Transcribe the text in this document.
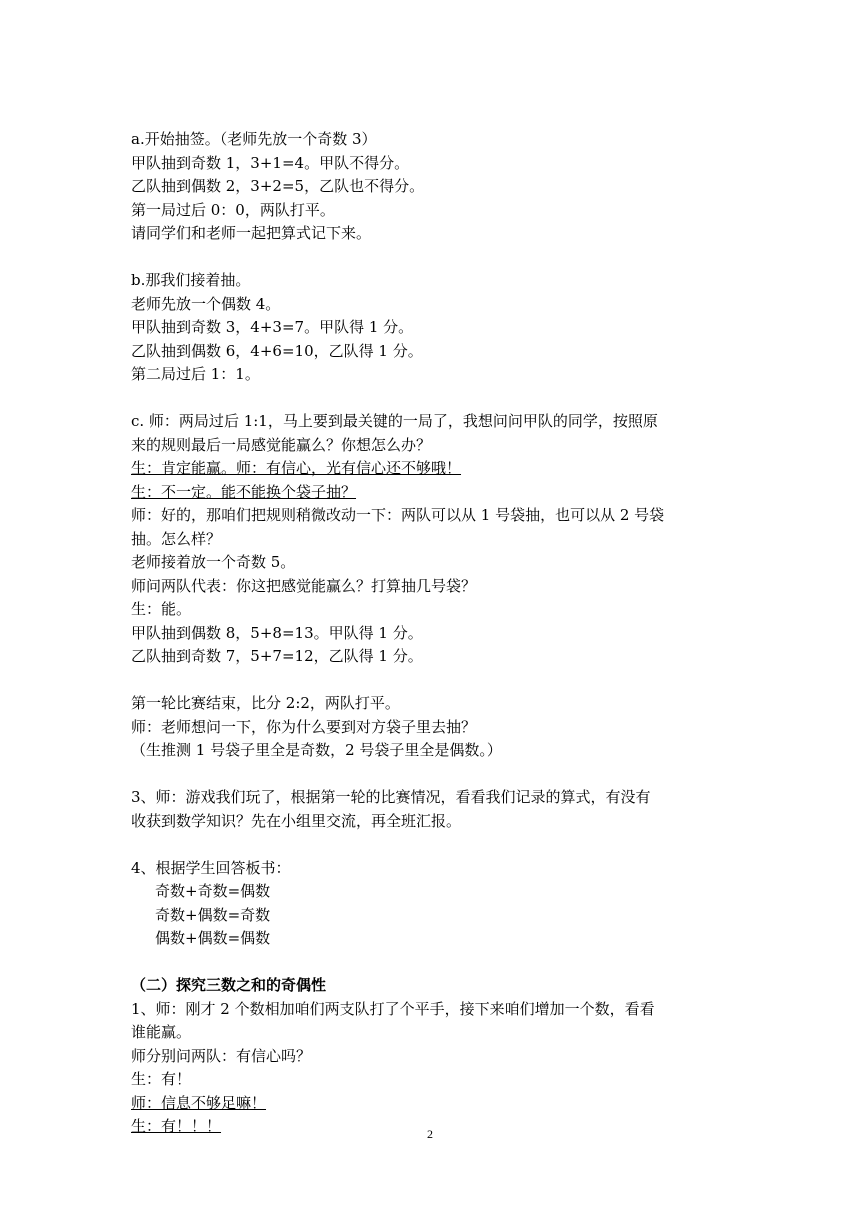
a.开始抽签。（老师先放一个奇数 3）
甲队抽到奇数 1，3+1=4。甲队不得分。
乙队抽到偶数 2，3+2=5，乙队也不得分。
第一局过后 0：0，两队打平。
请同学们和老师一起把算式记下来。
b.那我们接着抽。
老师先放一个偶数 4。
甲队抽到奇数 3，4+3=7。甲队得 1 分。
乙队抽到偶数 6，4+6=10，乙队得 1 分。
第二局过后 1：1。
c. 师：两局过后 1:1，马上要到最关键的一局了，我想问问甲队的同学，按照原
来的规则最后一局感觉能赢么？你想怎么办？
生：肯定能赢。师：有信心，光有信心还不够哦！
生：不一定。能不能换个袋子抽？
师：好的，那咱们把规则稍微改动一下：两队可以从 1 号袋抽，也可以从 2 号袋
抽。怎么样？
老师接着放一个奇数 5。
师问两队代表：你这把感觉能赢么？打算抽几号袋？
生：能。
甲队抽到偶数 8，5+8=13。甲队得 1 分。
乙队抽到奇数 7，5+7=12，乙队得 1 分。
第一轮比赛结束，比分 2:2，两队打平。
师：老师想问一下，你为什么要到对方袋子里去抽？
（生推测 1 号袋子里全是奇数，2 号袋子里全是偶数。）
3、师：游戏我们玩了，根据第一轮的比赛情况，看看我们记录的算式，有没有
收获到数学知识？先在小组里交流，再全班汇报。
4、根据学生回答板书：
奇数+奇数=偶数
奇数+偶数=奇数
偶数+偶数=偶数
（二）探究三数之和的奇偶性
1、师：刚才 2 个数相加咱们两支队打了个平手，接下来咱们增加一个数，看看
谁能赢。
师分别问两队：有信心吗？
生：有！
师：信息不够足嘛！
生：有！！！	2
